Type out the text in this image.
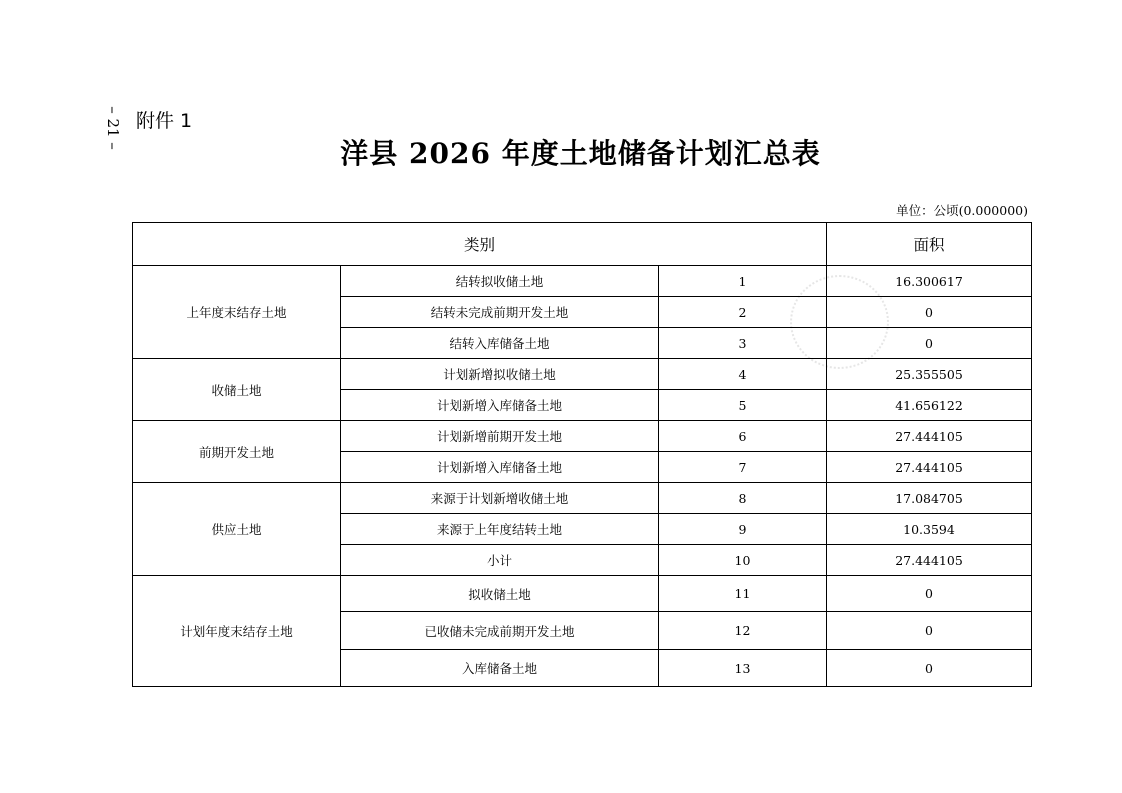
– 21 – 附件 1
洋县 2026 年度土地储备计划汇总表
单位：公顷(0.000000)
类别			面积
上年度末结存土地	结转拟收储土地	1	16.300617
	结转未完成前期开发土地	2	0
	结转入库储备土地	3	0
收储土地	计划新增拟收储土地	4	25.355505
	计划新增入库储备土地	5	41.656122
前期开发土地	计划新增前期开发土地	6	27.444105
	计划新增入库储备土地	7	27.444105
供应土地	来源于计划新增收储土地	8	17.084705
	来源于上年度结转土地	9	10.3594
	小计	10	27.444105
计划年度末结存土地	拟收储土地	11	0
	已收储未完成前期开发土地	12	0
	入库储备土地	13	0
